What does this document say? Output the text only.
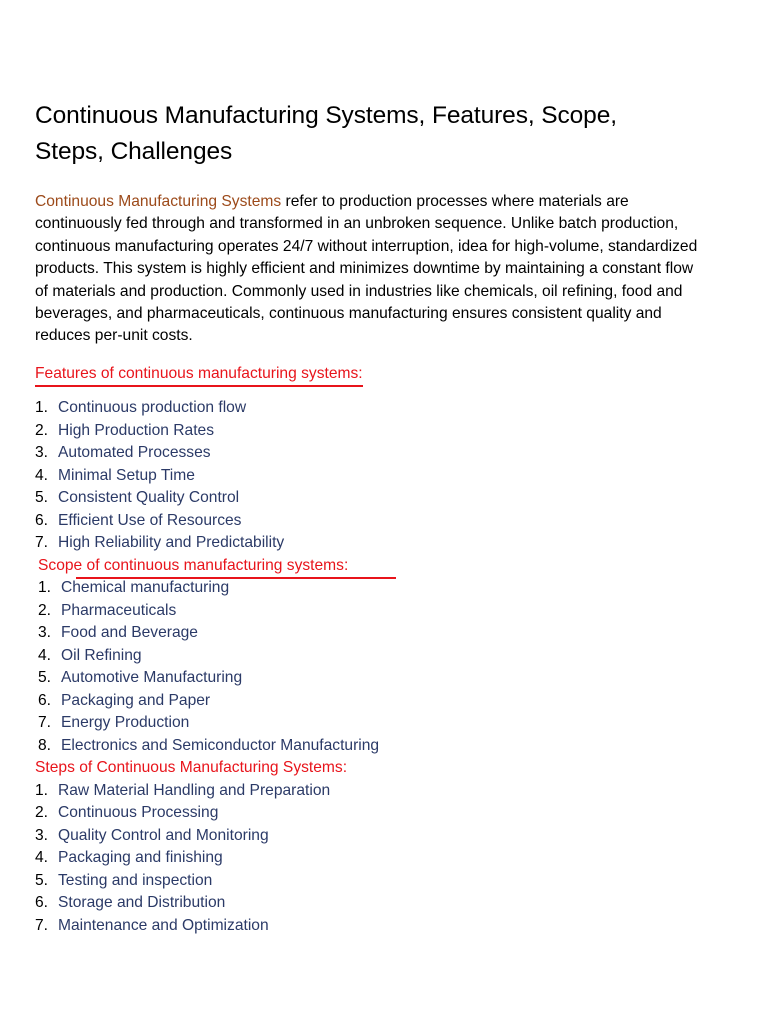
Continuous Manufacturing Systems, Features, Scope,
Steps, Challenges

Continuous Manufacturing Systems refer to production processes where materials are continuously fed through and transformed in an unbroken sequence. Unlike batch production, continuous manufacturing operates 24/7 without interruption, idea for high-volume, standardized products. This system is highly efficient and minimizes downtime by maintaining a constant flow of materials and production. Commonly used in industries like chemicals, oil refining, food and beverages, and pharmaceuticals, continuous manufacturing ensures consistent quality and reduces per-unit costs.

Features of continuous manufacturing systems:
1. Continuous production flow
2. High Production Rates
3. Automated Processes
4. Minimal Setup Time
5. Consistent Quality Control
6. Efficient Use of Resources
7. High Reliability and Predictability
Scope of continuous manufacturing systems:
1. Chemical manufacturing
2. Pharmaceuticals
3. Food and Beverage
4. Oil Refining
5. Automotive Manufacturing
6. Packaging and Paper
7. Energy Production
8. Electronics and Semiconductor Manufacturing
Steps of Continuous Manufacturing Systems:
1. Raw Material Handling and Preparation
2. Continuous Processing
3. Quality Control and Monitoring
4. Packaging and finishing
5. Testing and inspection
6. Storage and Distribution
7. Maintenance and Optimization
